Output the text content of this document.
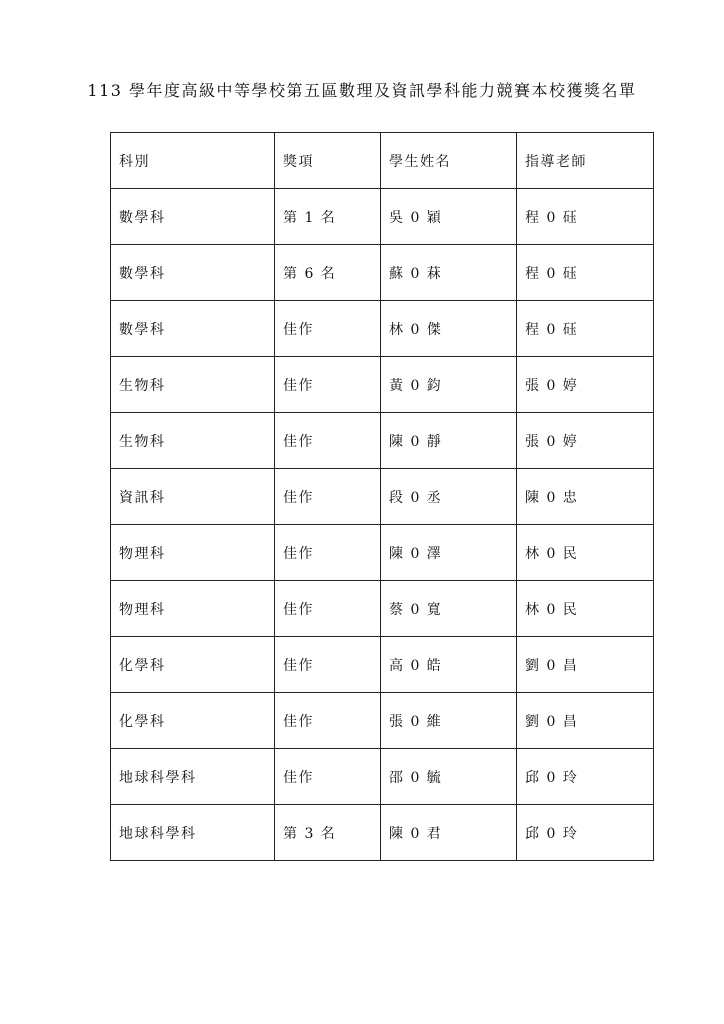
113 學年度高級中等學校第五區數理及資訊學科能力競賽本校獲獎名單
科別	獎項	學生姓名	指導老師
數學科	第 1 名	吳 0 穎	程 0 砡
數學科	第 6 名	蘇 0 菻	程 0 砡
數學科	佳作	林 0 傑	程 0 砡
生物科	佳作	黃 0 鈞	張 0 婷
生物科	佳作	陳 0 靜	張 0 婷
資訊科	佳作	段 0 丞	陳 0 忠
物理科	佳作	陳 0 澤	林 0 民
物理科	佳作	蔡 0 寬	林 0 民
化學科	佳作	高 0 皓	劉 0 昌
化學科	佳作	張 0 維	劉 0 昌
地球科學科	佳作	邵 0 毓	邱 0 玲
地球科學科	第 3 名	陳 0 君	邱 0 玲
